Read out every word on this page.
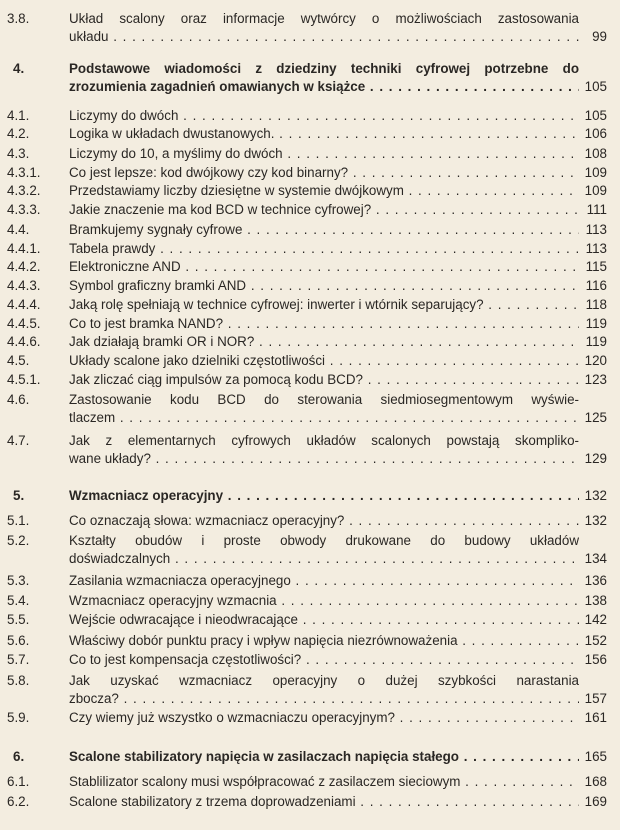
3.8.	Układ scalony oraz informacje wytwórcy o możliwościach zastosowania
układu . . .	99
4.	Podstawowe wiadomości z dziedziny techniki cyfrowej potrzebne do
zrozumienia zagadnień omawianych w książce . . .	105
4.1.	Liczymy do dwóch . . .	105
4.2.	Logika w układach dwustanowych. . . .	106
4.3.	Liczymy do 10, a myślimy do dwóch . . .	108
4.3.1. Co jest lepsze: kod dwójkowy czy kod binarny? . . .	109
4.3.2. Przedstawiamy liczby dziesiętne w systemie dwójkowym . . .	109
4.3.3. Jakie znaczenie ma kod BCD w technice cyfrowej? . . .	111
4.4.	Bramkujemy sygnały cyfrowe . . .	113
4.4.1. Tabela prawdy . . .	113
4.4.2. Elektroniczne AND . . .	115
4.4.3. Symbol graficzny bramki AND . . .	116
4.4.4. Jaką rolę spełniają w technice cyfrowej: inwerter i wtórnik separujący? . . .	118
4.4.5. Co to jest bramka NAND? . . .	119
4.4.6. Jak działają bramki OR i NOR? . . .	119
4.5.	Układy scalone jako dzielniki częstotliwości . . .	120
4.5.1. Jak zliczać ciąg impulsów za pomocą kodu BCD? . . .	123
4.6.	Zastosowanie kodu BCD do sterowania siedmiosegmentowym wyświe-
tlaczem . . .	125
4.7.	Jak z elementarnych cyfrowych układów scalonych powstają skomplikо-
wane układy? . . .	129
5.	Wzmacniacz operacyjny . . .	132
5.1.	Co oznaczają słowa: wzmacniacz operacyjny? . . .	132
5.2.	Kształty obudów i proste obwody drukowane do budowy układów
doświadczalnych . . .	134
5.3.	Zasilania wzmacniacza operacyjnego . . .	136
5.4.	Wzmacniacz operacyjny wzmacnia . . .	138
5.5.	Wejście odwracające i nieodwracające . . .	142
5.6.	Właściwy dobór punktu pracy i wpływ napięcia niezrównoważenia . . .	152
5.7.	Co to jest kompensacja częstotliwości? . . .	156
5.8.	Jak uzyskać wzmacniacz operacyjny o dużej szybkości narastania
zbocza? . . .	157
5.9.	Czy wiemy już wszystko o wzmacniaczu operacyjnym? . . .	161
6.	Scalone stabilizatory napięcia w zasilaczach napięcia stałego . . .	165
6.1.	Stablilizator scalony musi współpracować z zasilaczem sieciowym . . .	168
6.2.	Scalone stabilizatory z trzema doprowadzeniami . . .	169
